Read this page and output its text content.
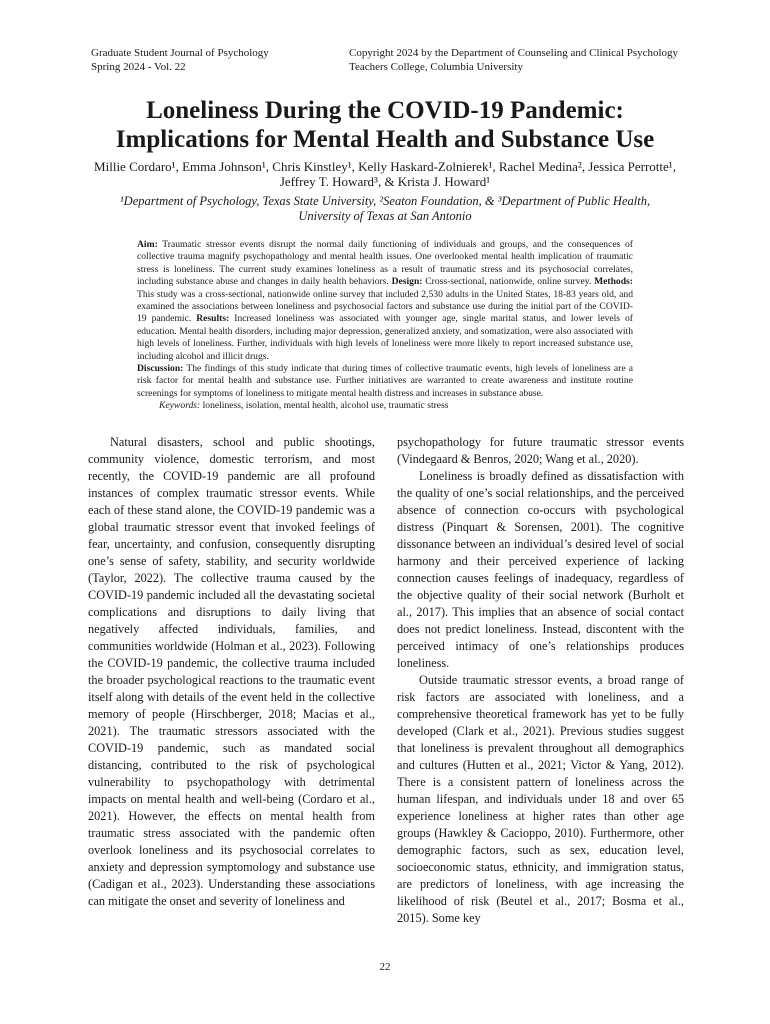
Graduate Student Journal of Psychology
Spring 2024 - Vol. 22
Copyright 2024 by the Department of Counseling and Clinical Psychology
Teachers College, Columbia University
Loneliness During the COVID-19 Pandemic:
Implications for Mental Health and Substance Use
Millie Cordaro¹, Emma Johnson¹, Chris Kinstley¹, Kelly Haskard-Zolnierek¹, Rachel Medina², Jessica Perrotte¹, Jeffrey T. Howard³, & Krista J. Howard¹
¹Department of Psychology, Texas State University, ²Seaton Foundation, & ³Department of Public Health,
University of Texas at San Antonio

Aim: Traumatic stressor events disrupt the normal daily functioning of individuals and groups, and the consequences of collective trauma magnify psychopathology and mental health issues. One overlooked mental health implication of traumatic stress is loneliness. The current study examines loneliness as a result of traumatic stress and its psychosocial correlates, including substance abuse and changes in daily health behaviors. Design: Cross-sectional, nationwide, online survey. Methods: This study was a cross-sectional, nationwide online survey that included 2,530 adults in the United States, 18-83 years old, and examined the associations between loneliness and psychosocial factors and substance use during the initial part of the COVID-19 pandemic. Results: Increased loneliness was associated with younger age, single marital status, and lower levels of education. Mental health disorders, including major depression, generalized anxiety, and somatization, were also associated with high levels of loneliness. Further, individuals with high levels of loneliness were more likely to report increased substance use, including alcohol and illicit drugs.

Discussion: The findings of this study indicate that during times of collective traumatic events, high levels of loneliness are a risk factor for mental health and substance use. Further initiatives are warranted to create awareness and institute routine screenings for symptoms of loneliness to mitigate mental health distress and increases in substance abuse.

Keywords: loneliness, isolation, mental health, alcohol use, traumatic stress

Natural disasters, school and public shootings, community violence, domestic terrorism, and most recently, the COVID-19 pandemic are all profound instances of complex traumatic stressor events. While each of these stand alone, the COVID-19 pandemic was a global traumatic stressor event that invoked feelings of fear, uncertainty, and confusion, consequently disrupting one’s sense of safety, stability, and security worldwide (Taylor, 2022). The collective trauma caused by the COVID-19 pandemic included all the devastating societal complications and disruptions to daily living that negatively affected individuals, families, and communities worldwide (Holman et al., 2023). Following the COVID-19 pandemic, the collective trauma included the broader psychological reactions to the traumatic event itself along with details of the event held in the collective memory of people (Hirschberger, 2018; Macias et al., 2021). The traumatic stressors associated with the COVID-19 pandemic, such as mandated social distancing, contributed to the risk of psychological vulnerability to psychopathology with detrimental impacts on mental health and well-being (Cordaro et al., 2021). However, the effects on mental health from traumatic stress associated with the pandemic often overlook loneliness and its psychosocial correlates to anxiety and depression symptomology and substance use (Cadigan et al., 2023). Understanding these associations can mitigate the onset and severity of loneliness and

psychopathology for future traumatic stressor events (Vindegaard & Benros, 2020; Wang et al., 2020).

Loneliness is broadly defined as dissatisfaction with the quality of one’s social relationships, and the perceived absence of connection co-occurs with psychological distress (Pinquart & Sorensen, 2001). The cognitive dissonance between an individual’s desired level of social harmony and their perceived experience of lacking connection causes feelings of inadequacy, regardless of the objective quality of their social network (Burholt et al., 2017). This implies that an absence of social contact does not predict loneliness. Instead, discontent with the perceived intimacy of one’s relationships produces loneliness.

Outside traumatic stressor events, a broad range of risk factors are associated with loneliness, and a comprehensive theoretical framework has yet to be fully developed (Clark et al., 2021). Previous studies suggest that loneliness is prevalent throughout all demographics and cultures (Hutten et al., 2021; Victor & Yang, 2012). There is a consistent pattern of loneliness across the human lifespan, and individuals under 18 and over 65 experience loneliness at higher rates than other age groups (Hawkley & Cacioppo, 2010). Furthermore, other demographic factors, such as sex, education level, socioeconomic status, ethnicity, and immigration status, are predictors of loneliness, with age increasing the likelihood of risk (Beutel et al., 2017; Bosma et al., 2015). Some key

22
